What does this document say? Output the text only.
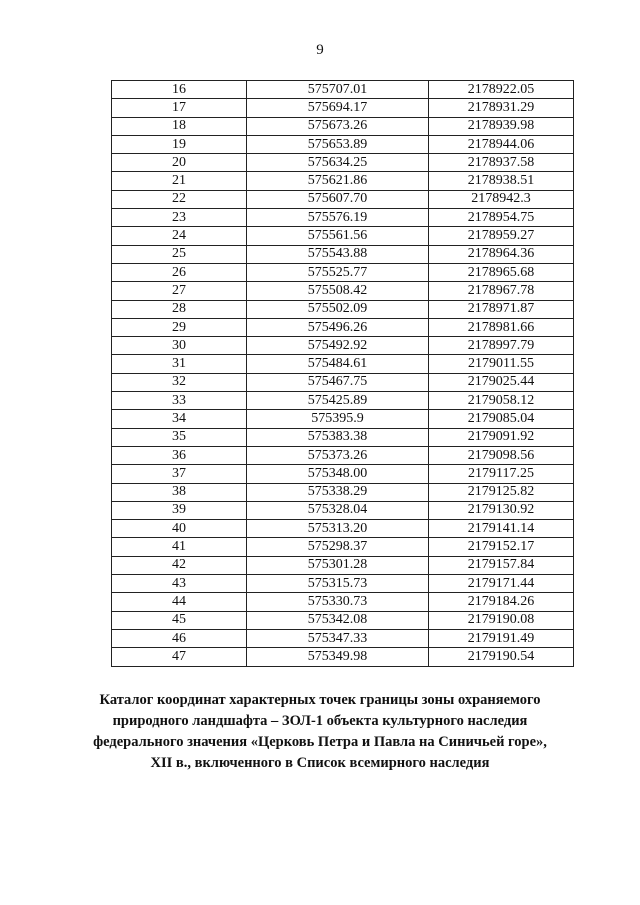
9
16	575707.01	2178922.05
17	575694.17	2178931.29
18	575673.26	2178939.98
19	575653.89	2178944.06
20	575634.25	2178937.58
21	575621.86	2178938.51
22	575607.70	2178942.3
23	575576.19	2178954.75
24	575561.56	2178959.27
25	575543.88	2178964.36
26	575525.77	2178965.68
27	575508.42	2178967.78
28	575502.09	2178971.87
29	575496.26	2178981.66
30	575492.92	2178997.79
31	575484.61	2179011.55
32	575467.75	2179025.44
33	575425.89	2179058.12
34	575395.9	2179085.04
35	575383.38	2179091.92
36	575373.26	2179098.56
37	575348.00	2179117.25
38	575338.29	2179125.82
39	575328.04	2179130.92
40	575313.20	2179141.14
41	575298.37	2179152.17
42	575301.28	2179157.84
43	575315.73	2179171.44
44	575330.73	2179184.26
45	575342.08	2179190.08
46	575347.33	2179191.49
47	575349.98	2179190.54
Каталог координат характерных точек границы зоны охраняемого
природного ландшафта – ЗОЛ-1 объекта культурного наследия
федерального значения «Церковь Петра и Павла на Синичьей горе»,
XII в., включенного в Список всемирного наследия
